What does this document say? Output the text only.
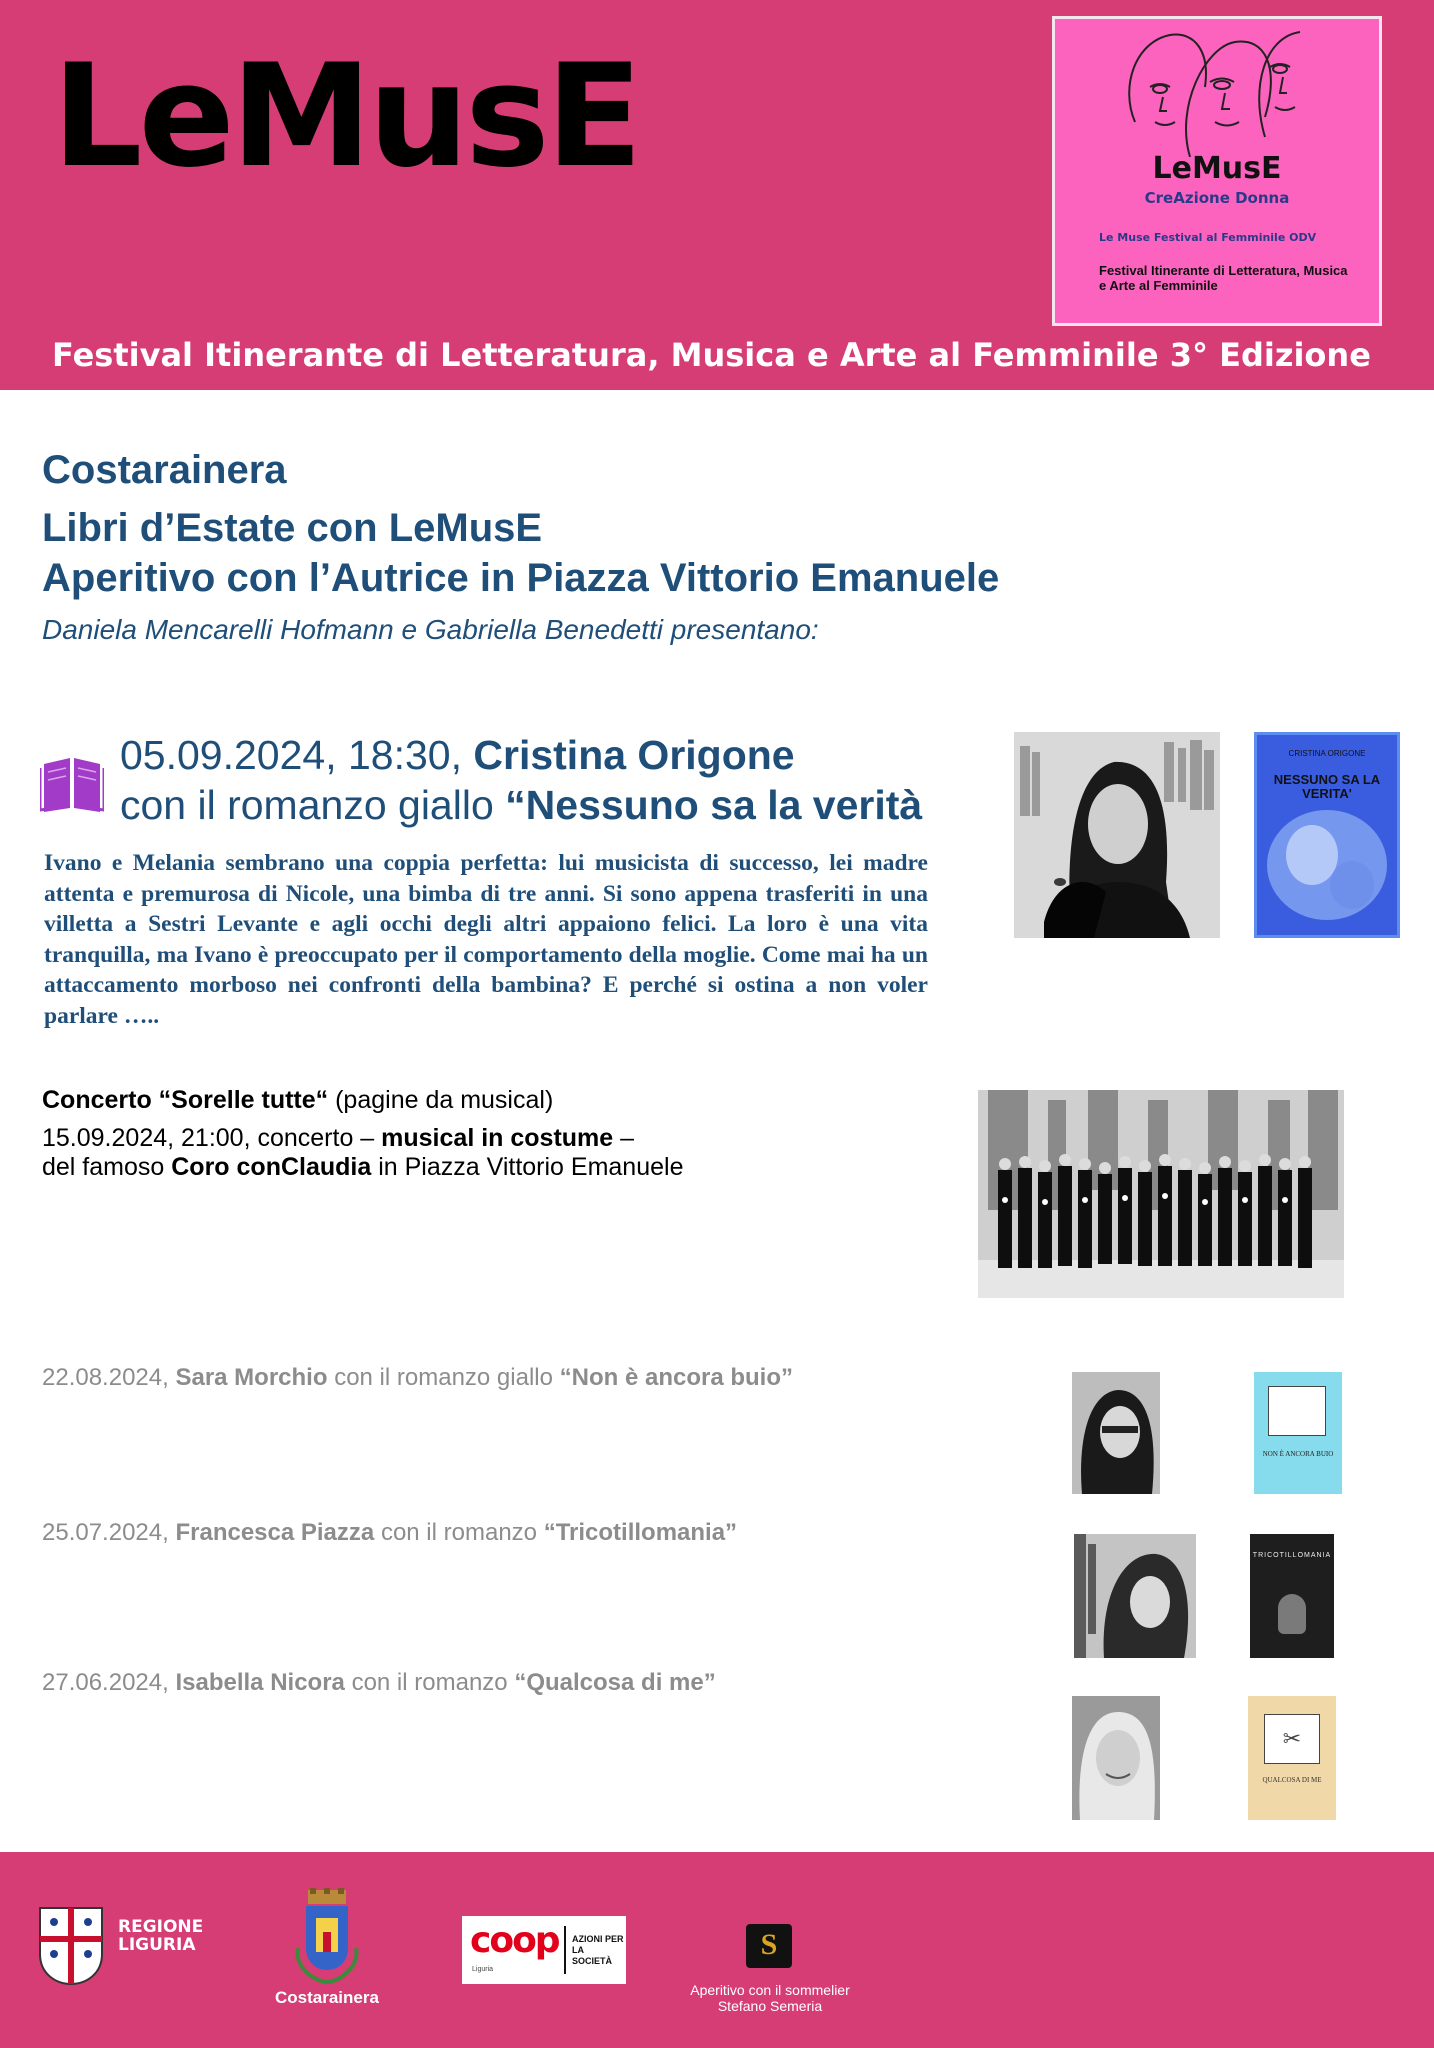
LeMusE	LeMusE
CreAzione Donna
Le Muse Festival al Femminile ODV
Festival Itinerante di Letteratura, Musica e Arte al Femminile
Festival Itinerante di Letteratura, Musica e Arte al Femminile 3° Edizione
Costarainera
Libri d’Estate con LeMusE
Aperitivo con l’Autrice in Piazza Vittorio Emanuele
Daniela Mencarelli Hofmann e Gabriella Benedetti presentano:
05.09.2024, 18:30, Cristina Origone
con il romanzo giallo “Nessuno sa la verità
Ivano e Melania sembrano una coppia perfetta: lui musicista di successo, lei madre attenta e premurosa di Nicole, una bimba di tre anni. Si sono appena trasferiti in una villetta a Sestri Levante e agli occhi degli altri appaiono felici. La loro è una vita tranquilla, ma Ivano è preoccupato per il comportamento della moglie. Come mai ha un attaccamento morboso nei confronti della bambina? E perché si ostina a non voler parlare …..
CRISTINA ORIGONE
NESSUNO SA LA VERITA'
Concerto “Sorelle tutte“ (pagine da musical)
15.09.2024, 21:00, concerto – musical in costume –
del famoso Coro conClaudia in Piazza Vittorio Emanuele
22.08.2024, Sara Morchio con il romanzo giallo “Non è ancora buio”
NON È ANCORA BUIO
25.07.2024, Francesca Piazza con il romanzo “Tricotillomania”
TRICOTILLOMANIA
27.06.2024, Isabella Nicora con il romanzo “Qualcosa di me”
✂
QUALCOSA DI ME
REGIONE LIGURIA
Costarainera
coop
Liguria
AZIONI PER LA SOCIETÀ	S
Aperitivo con il sommelier Stefano Semeria
